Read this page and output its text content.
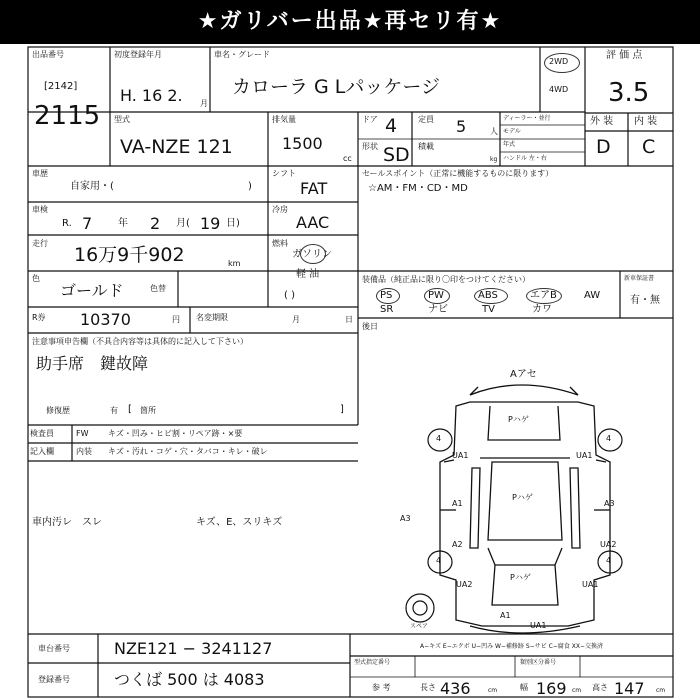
★ガリバー出品★再セリ有★
出品番号
[2142]
2115
初度登録年月
H. 16 2. 月
車名・グレード
カローラ G Lパッケージ
2WD
4WD
評 価 点
3.5
型式
VA-NZE 121
排気量
1500
cc
ドア 4
形状 SD
定員 5	人
積載
kg
ディーラー・並行
モデル
年式
ハンドル 左・右
外 装 内 装
D C
車歴
自家用・(	)
シフト
FAT
車検
R. 7	年 2 月( 19 日)
冷房
AAC
走行
16万9千902	km
燃料
ガソリン
軽 油
( )
色
ゴールド	色替
R券 10370	円 名変期限	月	日
注意事項申告欄（不具合内容等は具体的に記入して下さい）
助手席　鍵故障
修復歴	有 [ 箇所	]
検査員
記入欄
FW キズ・凹み・ヒビ割・リペア跡・×要
内装 キズ・汚れ・コゲ・穴・タバコ・キレ・破レ
車内汚レ　スレ	キズ、E、スリキズ
セールスポイント（正常に機能するものに限ります）
☆AM・FM・CD・MD
装備品（純正品に限り〇印をつけてください）
PS	PW	ABS	エアB	AW
SR	ナビ	TV	カワ
新車保証書
有・無
後日
Aアセ
Pハゲ
Pハゲ
Pハゲ
4	4
4	4
UA1	UA1
A1
A2
A3
UA2
A3
UA2	UA1
UA1
A1
スペア
A−キズ E−エクボ U−凹み W−補修跡 S−サビ C−腐食 XX−交換済
車台番号	NZE121 − 3241127
登録番号	つくば 500 は 4083
型式指定番号	類別区分番号
参 考	長さ 436	cm	幅 169 cm 高さ 147 cm
